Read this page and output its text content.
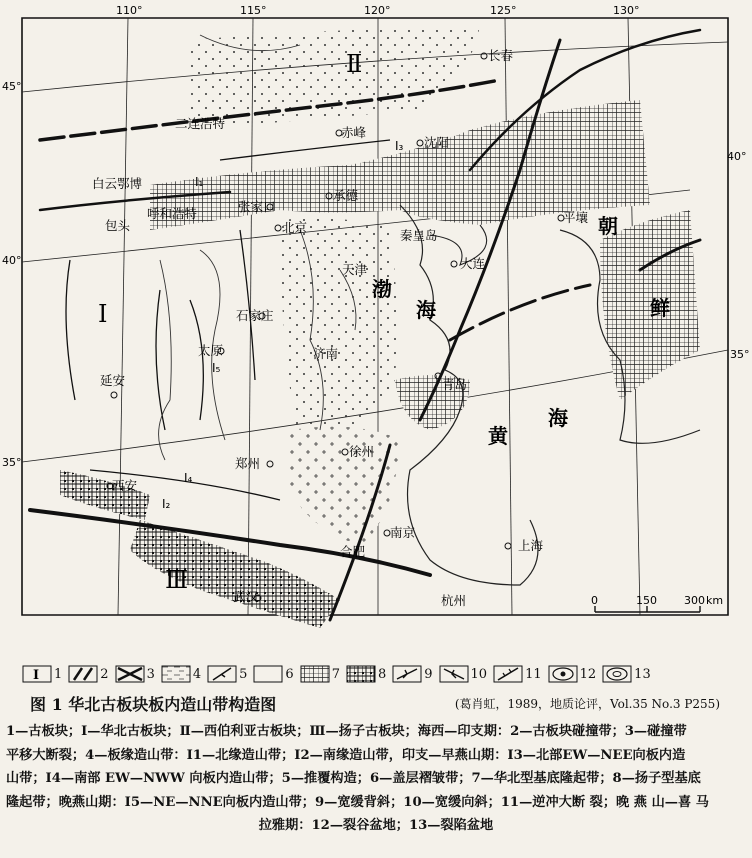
110°	115°	120°	125°	130°
45°
40°
35°
40°
35°
I
Ⅱ
Ⅲ
I₁
I₂
I₃
I₄
I₅
长春
二连浩特
赤峰
沈阳
白云鄂博
张家口
承德
包头
呼和浩特
北京
秦皇岛
平壤
天津	大连
石家庄
太原	济南
青岛
延安
郑州
徐州
西安
合肥
南京
上海
武汉	杭州
渤
海
黄
海
朝
鲜
0	150 300 km
I 1	2	3	4	5	6	7	8	9	10	11	12	13
图 1 华北古板块板内造山带构造图	(葛肖虹，1989，地质论评，Vol.35 No.3 P255)
1—古板块；Ⅰ—华北古板块；Ⅱ—西伯利亚古板块；Ⅲ—扬子古板块；海西—印支期：2—古板块碰撞带；3—碰撞带
平移大断裂；4—板缘造山带：Ⅰ1—北缘造山带；Ⅰ2—南缘造山带，印支—早燕山期：Ⅰ3—北部EW—NEE向板内造
山带；Ⅰ4—南部 EW—NWW 向板内造山带；5—推覆构造；6—盖层褶皱带；7—华北型基底隆起带；8—扬子型基底
隆起带；晚燕山期：Ⅰ5—NE—NNE向板内造山带；9—宽缓背斜；10—宽缓向斜；11—逆冲大断 裂；晚 燕 山—喜 马
拉雅期：12—裂谷盆地；13—裂陷盆地
